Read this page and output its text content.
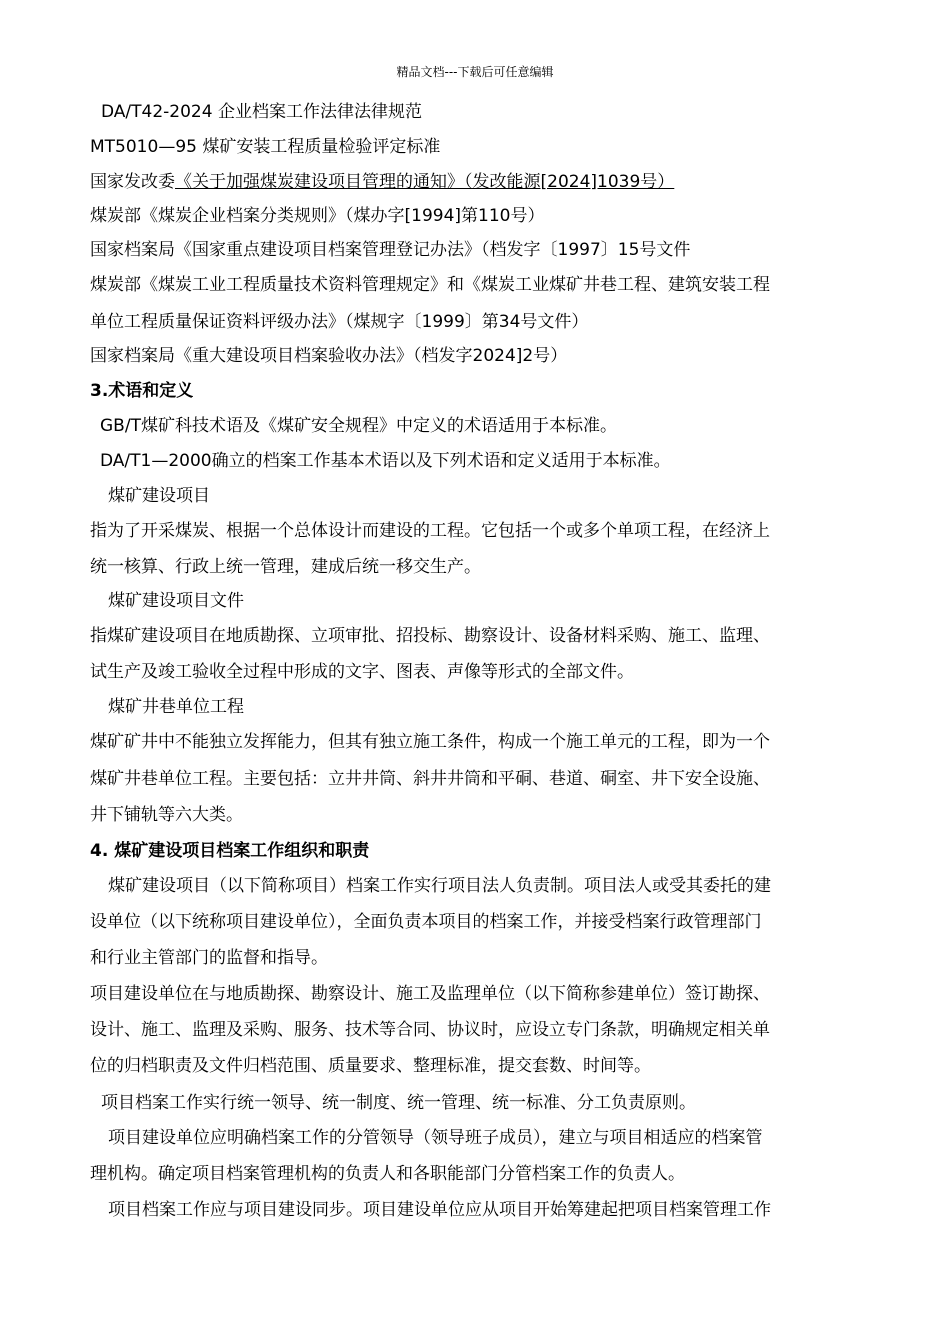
精品文档---下载后可任意编辑
DA/T42-2024 企业档案工作法律法律规范
MT5010—95 煤矿安装工程质量检验评定标准
国家发改委《关于加强煤炭建设项目管理的通知》（发改能源[2024]1039号）
煤炭部《煤炭企业档案分类规则》（煤办字[1994]第110号）
国家档案局《国家重点建设项目档案管理登记办法》（档发字〔1997〕15号文件
煤炭部《煤炭工业工程质量技术资料管理规定》和《煤炭工业煤矿井巷工程、建筑安装工程
单位工程质量保证资料评级办法》（煤规字〔1999〕第34号文件）
国家档案局《重大建设项目档案验收办法》（档发字2024]2号）
3.术语和定义
GB/T煤矿科技术语及《煤矿安全规程》中定义的术语适用于本标准。
DA/T1—2000确立的档案工作基本术语以及下列术语和定义适用于本标准。
煤矿建设项目
指为了开采煤炭、根据一个总体设计而建设的工程。它包括一个或多个单项工程，在经济上
统一核算、行政上统一管理，建成后统一移交生产。
煤矿建设项目文件
指煤矿建设项目在地质勘探、立项审批、招投标、勘察设计、设备材料采购、施工、监理、
试生产及竣工验收全过程中形成的文字、图表、声像等形式的全部文件。
煤矿井巷单位工程
煤矿矿井中不能独立发挥能力，但其有独立施工条件，构成一个施工单元的工程，即为一个
煤矿井巷单位工程。主要包括：立井井筒、斜井井筒和平硐、巷道、硐室、井下安全设施、
井下铺轨等六大类。
4. 煤矿建设项目档案工作组织和职责
煤矿建设项目（以下简称项目）档案工作实行项目法人负责制。项目法人或受其委托的建
设单位（以下统称项目建设单位），全面负责本项目的档案工作，并接受档案行政管理部门
和行业主管部门的监督和指导。
项目建设单位在与地质勘探、勘察设计、施工及监理单位（以下简称参建单位）签订勘探、
设计、施工、监理及采购、服务、技术等合同、协议时，应设立专门条款，明确规定相关单
位的归档职责及文件归档范围、质量要求、整理标准，提交套数、时间等。
项目档案工作实行统一领导、统一制度、统一管理、统一标准、分工负责原则。
项目建设单位应明确档案工作的分管领导（领导班子成员），建立与项目相适应的档案管
理机构。确定项目档案管理机构的负责人和各职能部门分管档案工作的负责人。
项目档案工作应与项目建设同步。项目建设单位应从项目开始筹建起把项目档案管理工作
